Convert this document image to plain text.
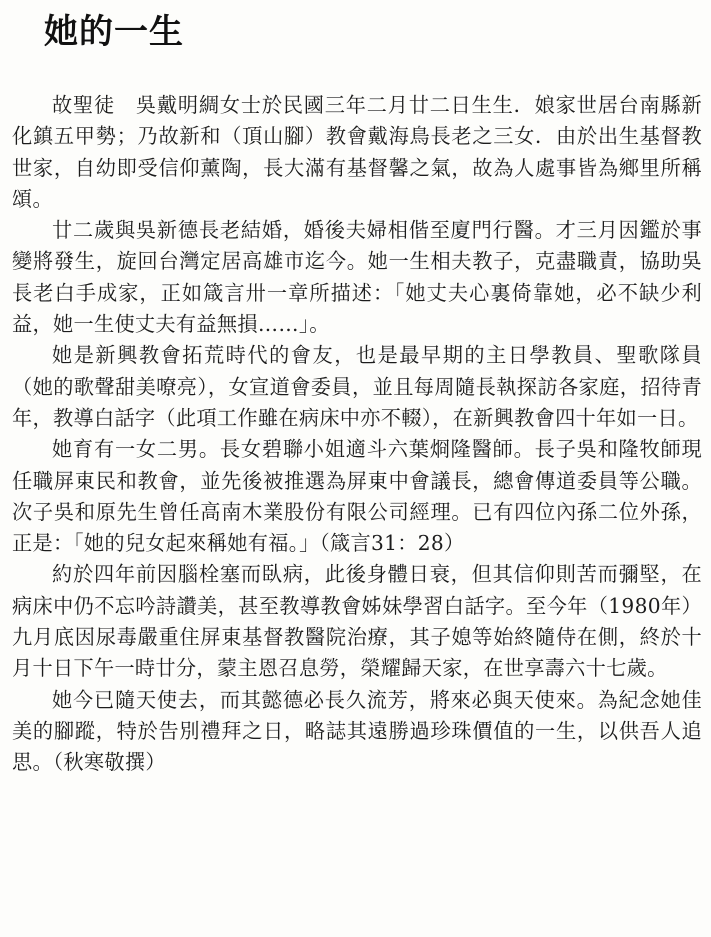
她的一生

故聖徒　吳戴明綢女士於民國三年二月廿二日生生．娘家世居台南縣新化鎮五甲勢；乃故新和（頂山腳）教會戴海鳥長老之三女．由於出生基督教世家，自幼即受信仰薰陶，長大滿有基督馨之氣，故為人處事皆為鄉里所稱頌。

廿二歲與吳新德長老結婚，婚後夫婦相偕至廈門行醫。才三月因鑑於事變將發生，旋回台灣定居高雄市迄今。她一生相夫教子，克盡職責，協助吳長老白手成家，正如箴言卅一章所描述：「她丈夫心裏倚靠她，必不缺少利益，她一生使丈夫有益無損……」。

她是新興教會拓荒時代的會友，也是最早期的主日學教員、聖歌隊員（她的歌聲甜美嘹亮），女宣道會委員，並且每周隨長執探訪各家庭，招待青年，教導白話字（此項工作雖在病床中亦不輟），在新興教會四十年如一日。

她育有一女二男。長女碧聯小姐適斗六葉烱隆醫師。長子吳和隆牧師現任職屏東民和教會，並先後被推選為屏東中會議長，總會傳道委員等公職。次子吳和原先生曾任高南木業股份有限公司經理。已有四位內孫二位外孫，正是：「她的兒女起來稱她有福。」（箴言31：28）

約於四年前因腦栓塞而臥病，此後身體日衰，但其信仰則苦而彌堅，在病床中仍不忘吟詩讚美，甚至教導教會姊妹學習白話字。至今年（1980年）九月底因尿毒嚴重住屏東基督教醫院治療，其子媳等始終隨侍在側，終於十月十日下午一時廿分，蒙主恩召息勞，榮耀歸天家，在世享壽六十七歲。

她今已隨天使去，而其懿德必長久流芳，將來必與天使來。為紀念她佳美的腳蹤，特於告別禮拜之日，略誌其遠勝過珍珠價值的一生，以供吾人追思。（秋寒敬撰）
